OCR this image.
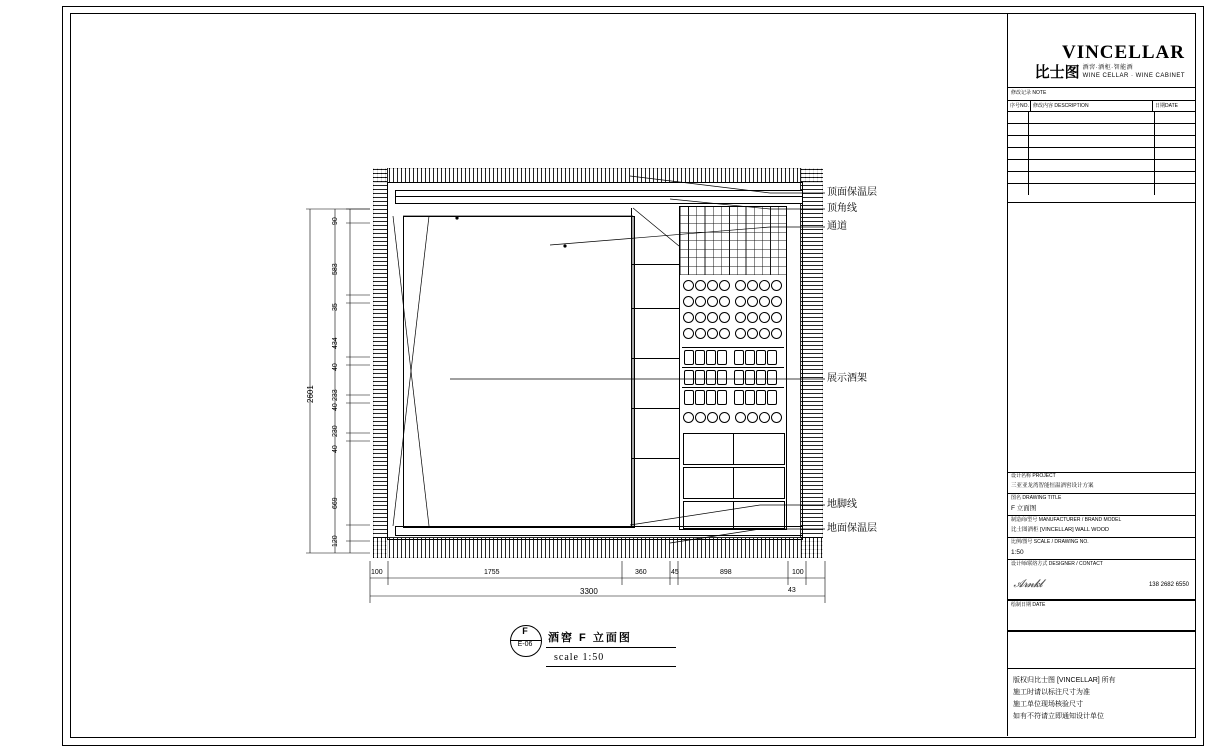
顶面保温层
顶角线
通道
展示酒架
地脚线
地面保温层
90
583
35
434
40
233
40
230
40
669
120
2601
100	1755	360	45	898	100
43
3300
F
E-06
酒窖 F 立面图
scale 1:50
VINCELLAR
比士图 酒窖·酒柜·智能酒
WINE CELLAR · WINE CABINET
修改记录 NOTE
序号NO. 修改内容 DESCRIPTION	日期DATE
设计名称 PROJECT
三亚亚龙湾智能恒温酒窖设计方案
图名 DRAWING TITLE
F 立面图
制造商/型号 MANUFACTURER / BRAND MODEL
比士图酒柜 [VINCELLAR] WALL WOOD
比例/图号 SCALE / DRAWING NO.
1:50
设计师/联络方式 DESIGNER / CONTACT
𝓐𝓻𝓷𝓴𝓵	138 2682 6550
绘制日期 DATE
版权归比士图 [VINCELLAR] 所有
施工时请以标注尺寸为准
施工单位现场核验尺寸
如有不符请立即通知设计单位
